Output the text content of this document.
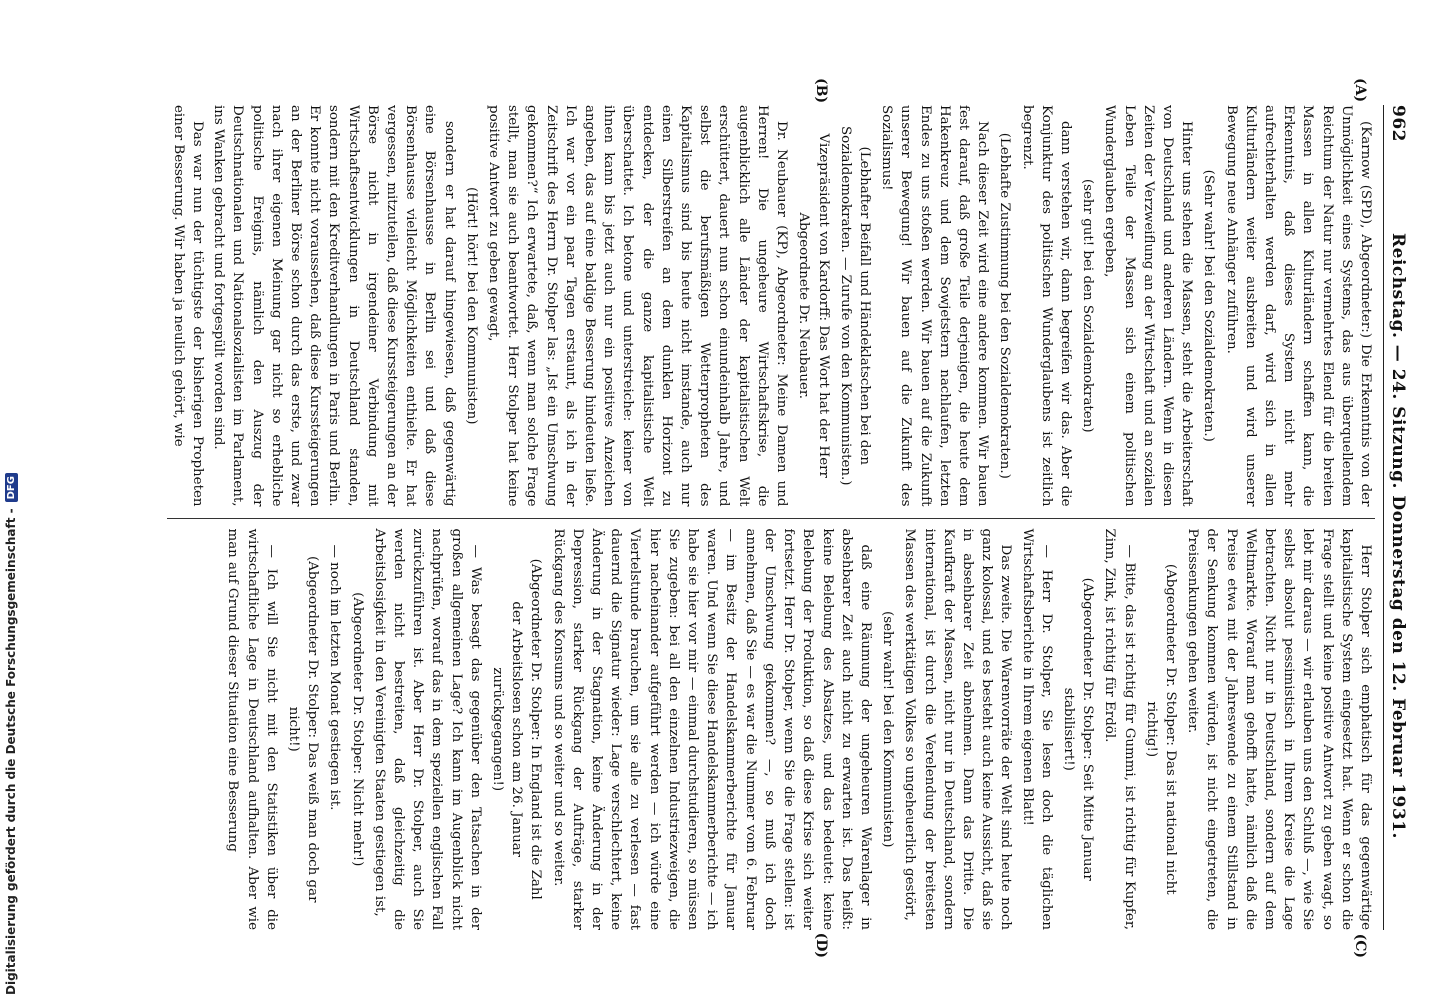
962
Reichstag. — 24. Sitzung. Donnerstag den 12. Februar 1931.
(A)
(B)
(C)
(D)

(Karnow (SPD), Abgeordneter:) Die Erkenntnis von der Unmöglichkeit eines Systems, das aus überquellendem Reichtum der Natur nur vermehrtes Elend für die breiten Massen in allen Kulturländern schaffen kann, die Erkenntnis, daß dieses System nicht mehr aufrechterhalten werden darf, wird sich in allen Kulturländern weiter ausbreiten und wird unserer Bewegung neue Anhänger zuführen.

(Sehr wahr! bei den Sozialdemokraten.)

Hinter uns stehen die Massen, steht die Arbeiterschaft von Deutschland und anderen Ländern. Wenn in diesen Zeiten der Verzweiflung an der Wirtschaft und an sozialen Leben Teile der Massen sich einem politischen Wunderglauben ergeben,

(sehr gut! bei den Sozialdemokraten)

dann verstehen wir, dann begreifen wir das. Aber die Konjunktur des politischen Wunderglaubens ist zeitlich begrenzt.

(Lebhafte Zustimmung bei den Sozialdemokraten.)

Nach dieser Zeit wird eine andere kommen. Wir bauen fest darauf, daß große Teile derjenigen, die heute dem Hakenkreuz und dem Sowjetstern nachlaufen, letzten Endes zu uns stoßen werden. Wir bauen auf die Zukunft unserer Bewegung! Wir bauen auf die Zukunft des Sozialismus!

(Lebhafter Beifall und Händeklatschen bei den Sozialdemokraten. — Zurufe von den Kommunisten.)

Vizepräsident von Kardorff: Das Wort hat der Herr Abgeordnete Dr. Neubauer.

Dr. Neubauer (KP), Abgeordneter: Meine Damen und Herren! Die ungeheure Wirtschaftskrise, die augenblicklich alle Länder der kapitalistischen Welt erschüttert, dauert nun schon einundeinhalb Jahre, und selbst die berufsmäßigen Wetterpropheten des Kapitalismus sind bis heute nicht imstande, auch nur einen Silberstreifen an dem dunklen Horizont zu entdecken, der die ganze kapitalistische Welt überschattet. Ich betone und unterstreiche: keiner von ihnen kann bis jetzt auch nur ein positives Anzeichen angeben, das auf eine baldige Besserung hindeuten ließe. Ich war vor ein paar Tagen erstaunt, als ich in der Zeitschrift des Herrn Dr. Stolper las: „Ist ein Umschwung gekommen?“ Ich erwartete, daß, wenn man solche Frage stellt, man sie auch beantwortet. Herr Stolper hat keine positive Antwort zu geben gewagt,

(Hört! hört! bei den Kommunisten)

sondern er hat darauf hingewiesen, daß gegenwärtig eine Börsenhausse in Berlin sei und daß diese Börsenhausse vielleicht Möglichkeiten enthielte. Er hat vergessen, mitzuteilen, daß diese Kurssteigerungen an der Börse nicht in irgendeiner Verbindung mit Wirtschaftsentwicklungen in Deutschland standen, sondern mit den Kreditverhandlungen in Paris und Berlin. Er konnte nicht voraussehen, daß diese Kurssteigerungen an der Berliner Börse schon durch das erste, und zwar nach ihrer eigenen Meinung gar nicht so erhebliche politische Ereignis, nämlich den Auszug der Deutschnationalen und Nationalsozialisten im Parlament, ins Wanken gebracht und fortgespült worden sind.

Das war nun der tüchtigste der bisherigen Propheten einer Besserung. Wir haben ja neulich gehört, wie

Herr Stolper sich emphatisch für das gegenwärtige kapitalistische System eingesetzt hat. Wenn er schon die Frage stellt und keine positive Antwort zu geben wagt, so lebt mir daraus — wir erlauben uns den Schluß —, wie Sie selbst absolut pessimistisch in Ihrem Kreise die Lage betrachten. Nicht nur in Deutschland, sondern auf dem Weltmarkte. Worauf man gehofft hatte, nämlich daß die Preise etwa mit der Jahreswende zu einem Stillstand in der Senkung kommen würden, ist nicht eingetreten, die Preissenkungen gehen weiter.

(Abgeordneter Dr. Stolper: Das ist national nicht richtig!)

— Bitte, das ist richtig für Gummi, ist richtig für Kupfer, Zinn, Zink, ist richtig für Erdöl.

(Abgeordneter Dr. Stolper: Seit Mitte Januar stabilisiert!)

— Herr Dr. Stolper, Sie lesen doch die täglichen Wirtschaftsberichte in Ihrem eigenen Blatt!

Das zweite. Die Warenvorräte der Welt sind heute noch ganz kolossal, und es besteht auch keine Aussicht, daß sie in absehbarer Zeit abnehmen. Dann das Dritte. Die Kaufkraft der Massen, nicht nur in Deutschland, sondern international, ist durch die Verelendung der breitesten Massen des werktätigen Volkes so ungeheuerlich gestört,

(sehr wahr! bei den Kommunisten)

daß eine Räumung der ungeheuren Warenlager in absehbarer Zeit auch nicht zu erwarten ist. Das heißt: keine Belebung des Absatzes, und das bedeutet: keine Belebung der Produktion, so daß diese Krise sich weiter fortsetzt. Herr Dr. Stolper, wenn Sie die Frage stellen: ist der Umschwung gekommen? —, so muß ich doch annehmen, daß Sie — es war die Nummer vom 6. Februar — im Besitz der Handelskammerberichte für Januar waren. Und wenn Sie diese Handelskammerberichte — ich habe sie hier vor mir — einmal durchstudieren, so müssen Sie zugeben: bei all den einzelnen Industriezweigen, die hier nacheinander aufgeführt werden — ich würde eine Viertelstunde brauchen, um sie alle zu verlesen — fast dauernd die Signatur wieder: Lage verschlechtert, keine Änderung in der Stagnation, keine Änderung in der Depression, starker Rückgang der Aufträge, starker Rückgang des Konsums und so weiter und so weiter.

(Abgeordneter Dr. Stolper: In England ist die Zahl der Arbeitslosen schon am 26. Januar zurückgegangen!)

— Was besagt das gegenüber den Tatsachen in der großen allgemeinen Lage? Ich kann im Augenblick nicht nachprüfen, worauf das in dem speziellen englischen Fall zurückzuführen ist. Aber Herr Dr. Stolper, auch Sie werden nicht bestreiten, daß gleichzeitig die Arbeitslosigkeit in den Vereinigten Staaten gestiegen ist,

(Abgeordneter Dr. Stolper: Nicht mehr!)

— noch im letzten Monat gestiegen ist.

(Abgeordneter Dr. Stolper: Das weiß man doch gar nicht!)

— Ich will Sie nicht mit den Statistiken über die wirtschaftliche Lage in Deutschland aufhalten. Aber wie man auf Grund dieser Situation eine Besserung

Digitalisierung gefördert durch die Deutsche Forschungsgemeinschaft -
DFG
